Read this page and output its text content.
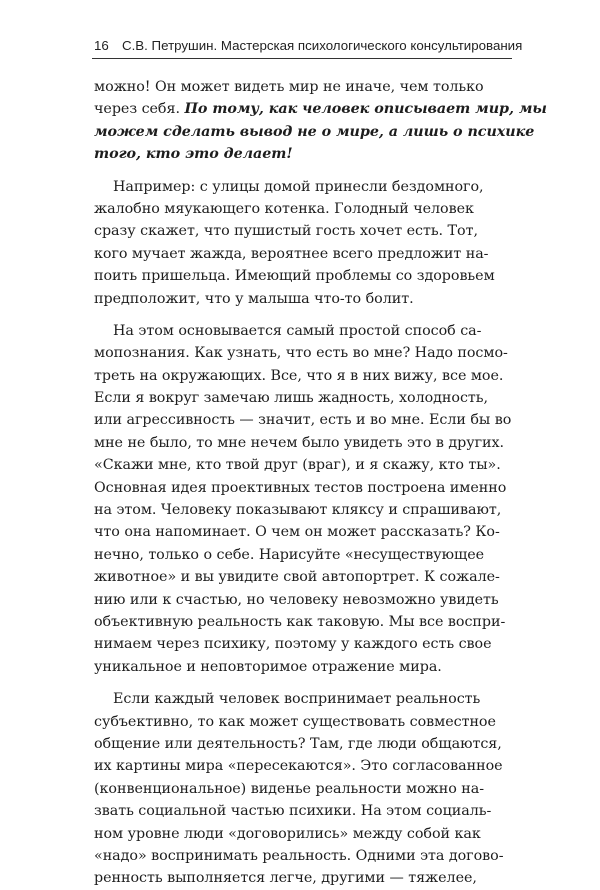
16 С.В. Петрушин. Мастерская психологического консультирования
можно! Он может видеть мир не иначе, чем только
через себя. По тому, как человек описывает мир, мы
можем сделать вывод не о мире, а лишь о психике
того, кто это делает!
Например: с улицы домой принесли бездомного,
жалобно мяукающего котенка. Голодный человек
сразу скажет, что пушистый гость хочет есть. Тот,
кого мучает жажда, вероятнее всего предложит на-
поить пришельца. Имеющий проблемы со здоровьем
предположит, что у малыша что-то болит.
На этом основывается самый простой способ са-
мопознания. Как узнать, что есть во мне? Надо посмо-
треть на окружающих. Все, что я в них вижу, все мое.
Если я вокруг замечаю лишь жадность, холодность,
или агрессивность — значит, есть и во мне. Если бы во
мне не было, то мне нечем было увидеть это в других.
«Скажи мне, кто твой друг (враг), и я скажу, кто ты».
Основная идея проективных тестов построена именно
на этом. Человеку показывают кляксу и спрашивают,
что она напоминает. О чем он может рассказать? Ко-
нечно, только о себе. Нарисуйте «несуществующее
животное» и вы увидите свой автопортрет. К сожале-
нию или к счастью, но человеку невозможно увидеть
объективную реальность как таковую. Мы все воспри-
нимаем через психику, поэтому у каждого есть свое
уникальное и неповторимое отражение мира.
Если каждый человек воспринимает реальность
субъективно, то как может существовать совместное
общение или деятельность? Там, где люди общаются,
их картины мира «пересекаются». Это согласованное
(конвенциональное) виденье реальности можно на-
звать социальной частью психики. На этом социаль-
ном уровне люди «договорились» между собой как
«надо» воспринимать реальность. Одними эта догово-
ренность выполняется легче, другими — тяжелее,
